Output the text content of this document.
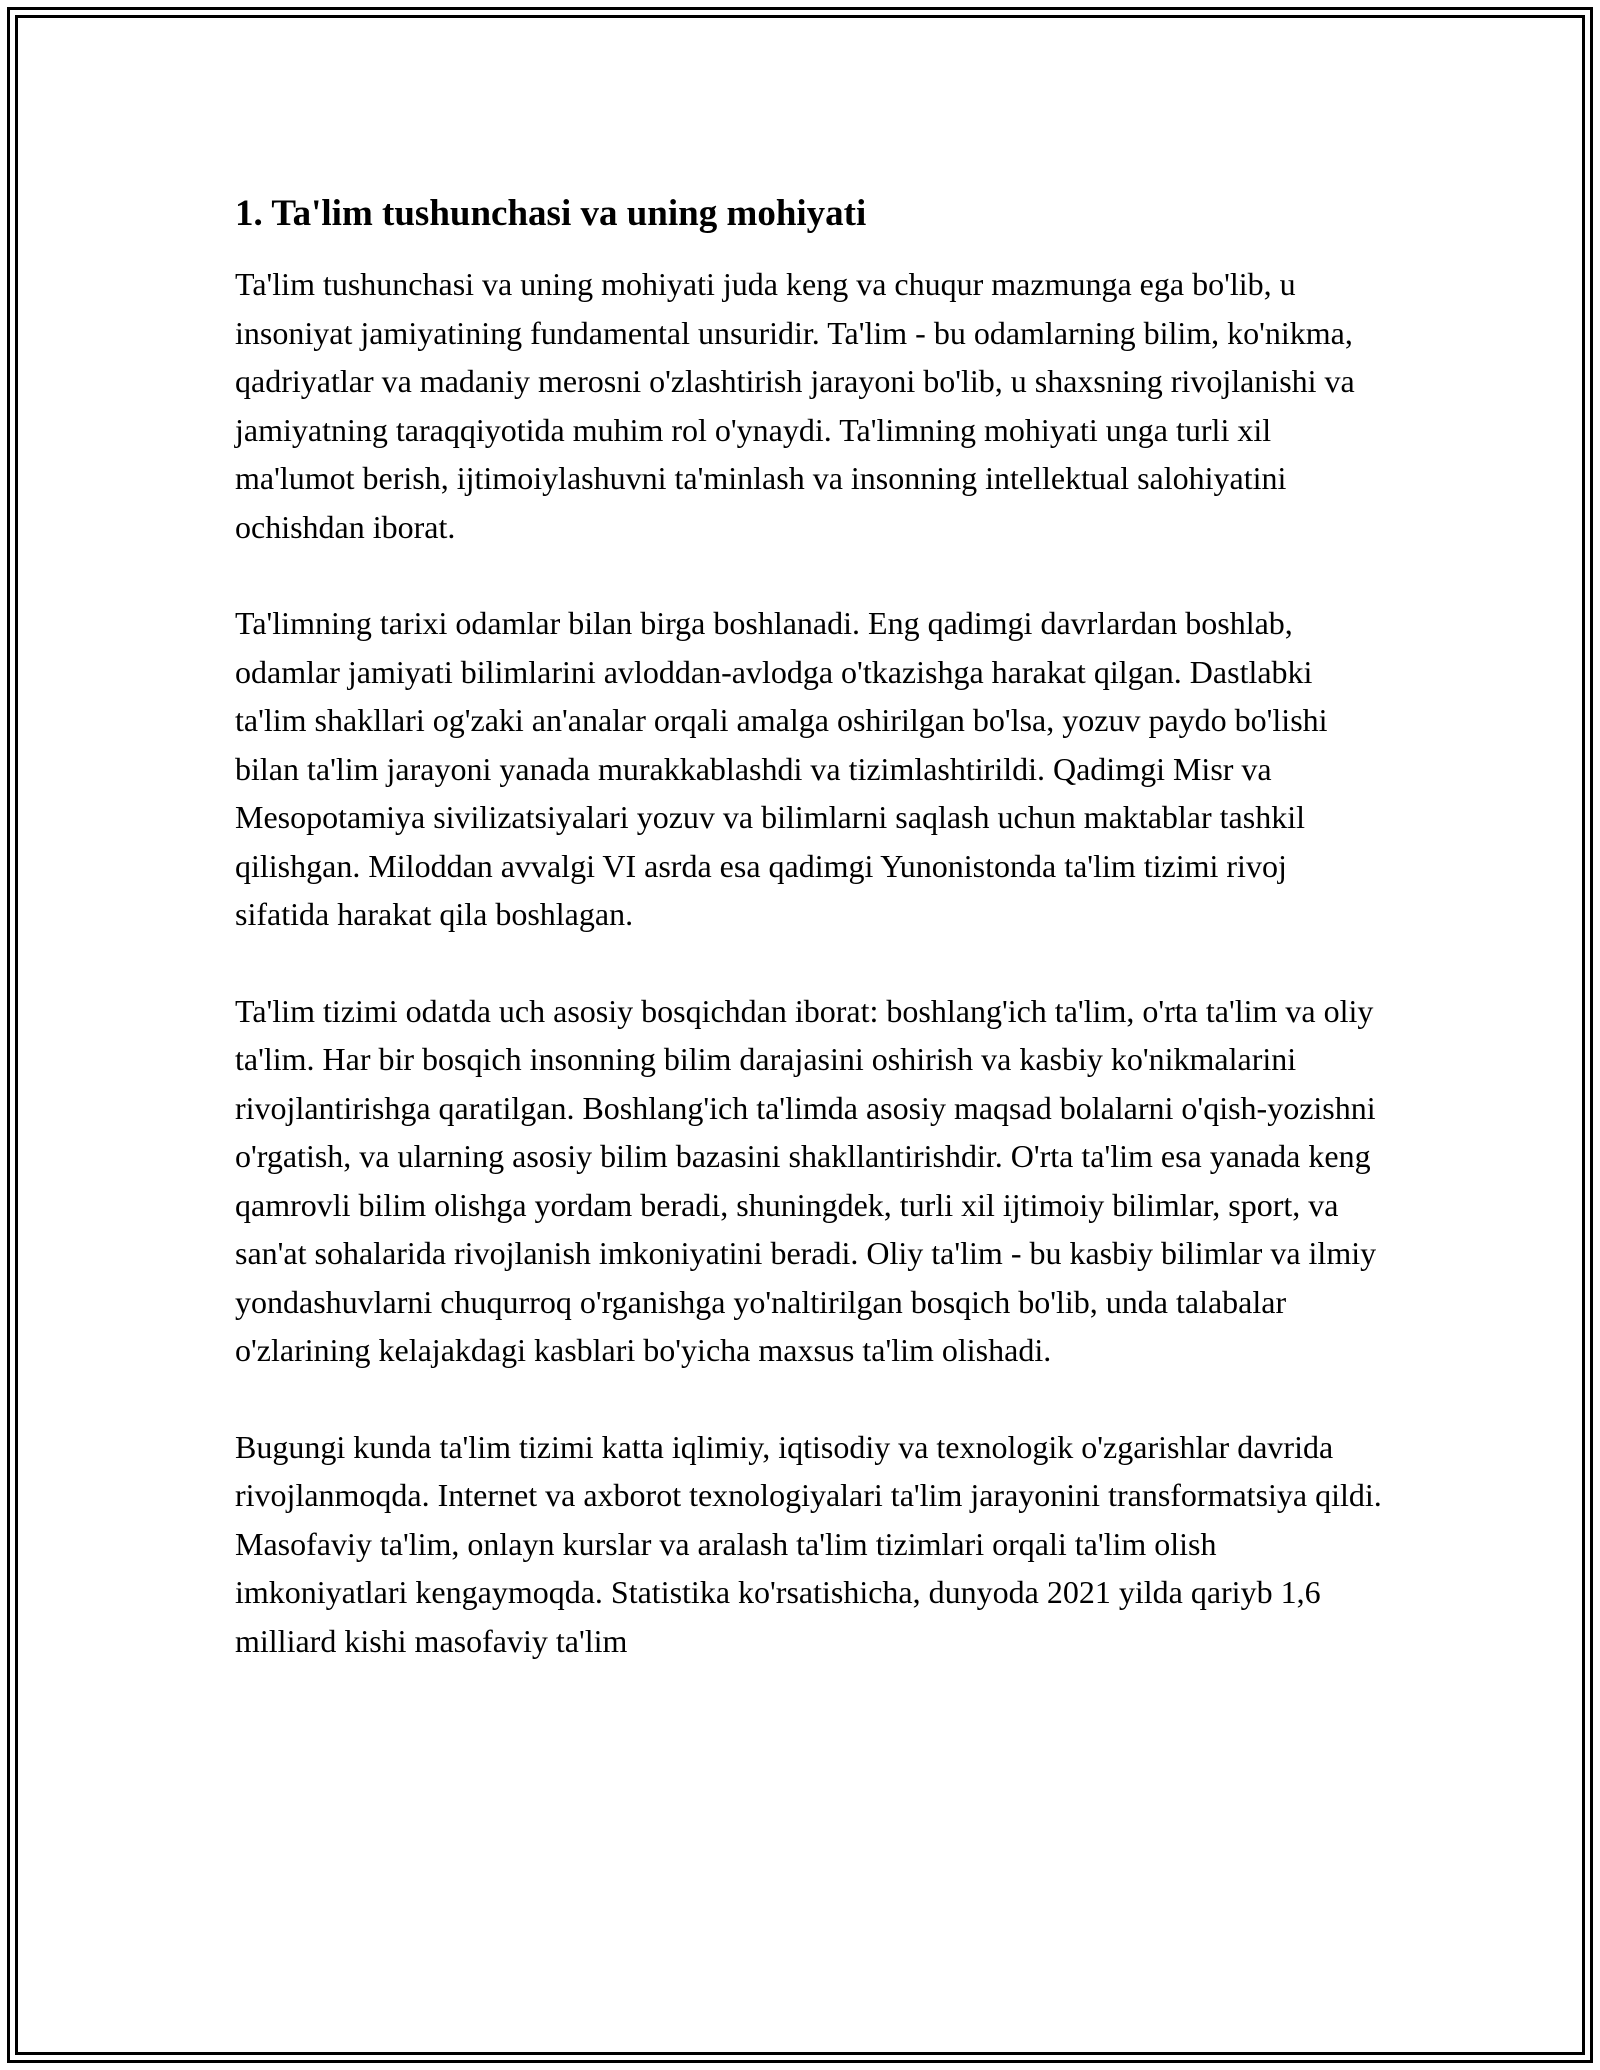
1. Ta'lim tushunchasi va uning mohiyati

Ta'lim tushunchasi va uning mohiyati juda keng va chuqur mazmunga ega bo'lib, u insoniyat jamiyatining fundamental unsuridir. Ta'lim - bu odamlarning bilim, ko'nikma, qadriyatlar va madaniy merosni o'zlashtirish jarayoni bo'lib, u shaxsning rivojlanishi va jamiyatning taraqqiyotida muhim rol o'ynaydi. Ta'limning mohiyati unga turli xil ma'lumot berish, ijtimoiylashuvni ta'minlash va insonning intellektual salohiyatini ochishdan iborat.

Ta'limning tarixi odamlar bilan birga boshlanadi. Eng qadimgi davrlardan boshlab, odamlar jamiyati bilimlarini avloddan-avlodga o'tkazishga harakat qilgan. Dastlabki ta'lim shakllari og'zaki an'analar orqali amalga oshirilgan bo'lsa, yozuv paydo bo'lishi bilan ta'lim jarayoni yanada murakkablashdi va tizimlashtirildi. Qadimgi Misr va Mesopotamiya sivilizatsiyalari yozuv va bilimlarni saqlash uchun maktablar tashkil qilishgan. Miloddan avvalgi VI asrda esa qadimgi Yunonistonda ta'lim tizimi rivoj sifatida harakat qila boshlagan.

Ta'lim tizimi odatda uch asosiy bosqichdan iborat: boshlang'ich ta'lim, o'rta ta'lim va oliy ta'lim. Har bir bosqich insonning bilim darajasini oshirish va kasbiy ko'nikmalarini rivojlantirishga qaratilgan. Boshlang'ich ta'limda asosiy maqsad bolalarni o'qish-yozishni o'rgatish, va ularning asosiy bilim bazasini shakllantirishdir. O'rta ta'lim esa yanada keng qamrovli bilim olishga yordam beradi, shuningdek, turli xil ijtimoiy bilimlar, sport, va san'at sohalarida rivojlanish imkoniyatini beradi. Oliy ta'lim - bu kasbiy bilimlar va ilmiy yondashuvlarni chuqurroq o'rganishga yo'naltirilgan bosqich bo'lib, unda talabalar o'zlarining kelajakdagi kasblari bo'yicha maxsus ta'lim olishadi.

Bugungi kunda ta'lim tizimi katta iqlimiy, iqtisodiy va texnologik o'zgarishlar davrida rivojlanmoqda. Internet va axborot texnologiyalari ta'lim jarayonini transformatsiya qildi. Masofaviy ta'lim, onlayn kurslar va aralash ta'lim tizimlari orqali ta'lim olish imkoniyatlari kengaymoqda. Statistika ko'rsatishicha, dunyoda 2021 yilda qariyb 1,6 milliard kishi masofaviy ta'lim
